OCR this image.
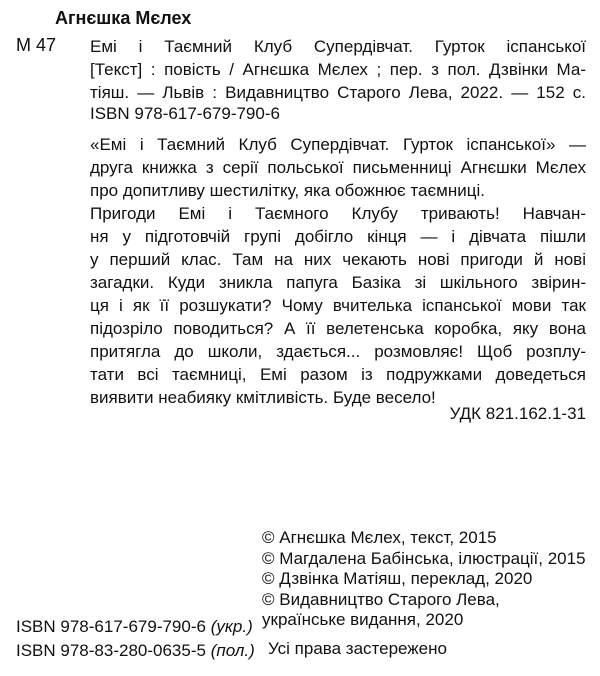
Агнєшка Мєлех
М 47 Емі і Таємний Клуб Супердівчат. Гурток іспанської
[Текст] : повість / Агнєшка Мєлех ; пер. з пол. Дзвінки Ма-
тіяш. — Львів : Видавництво Старого Лева, 2022. — 152 с.
ISBN 978-617-679-790-6
«Емі і Таємний Клуб Супердівчат. Гурток іспанської» —
друга книжка з серії польської письменниці Агнєшки Мєлех
про допитливу шестилітку, яка обожнює таємниці.
Пригоди Емі і Таємного Клубу тривають! Навчан-
ня у підготовчій групі добігло кінця — і дівчата пішли
у перший клас. Там на них чекають нові пригоди й нові
загадки. Куди зникла папуга Базіка зі шкільного звірин-
ця і як її розшукати? Чому вчителька іспанської мови так
підозріло поводиться? А її велетенська коробка, яку вона
притягла до школи, здається... розмовляє! Щоб розплу-
тати всі таємниці, Емі разом із подружками доведеться
виявити неабияку кмітливість. Буде весело!
УДК 821.162.1-31
© Агнєшка Мєлех, текст, 2015
© Магдалена Бабінська, ілюстрації, 2015
© Дзвінка Матіяш, переклад, 2020
© Видавництво Старого Лева,
українське видання, 2020
ISBN 978-617-679-790-6 (укр.)
ISBN 978-83-280-0635-5 (пол.) Усі права застережено
